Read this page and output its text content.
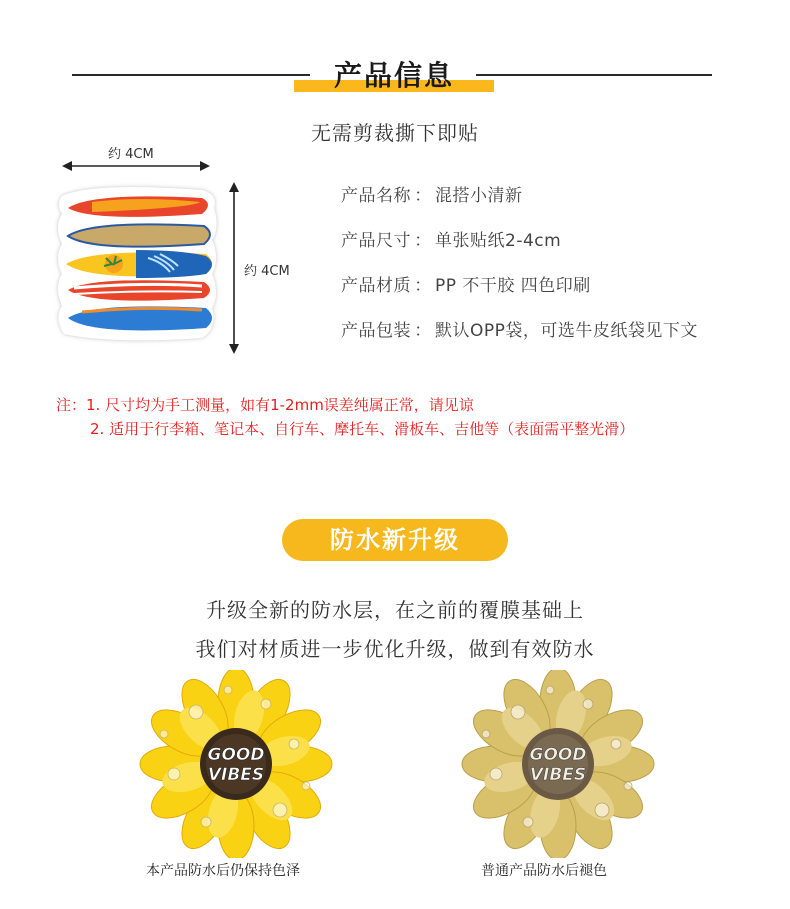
产品信息
无需剪裁撕下即贴
约 4CM
约 4CM
产品名称 ： 混搭小清新
产品尺寸 ： 单张贴纸2-4cm
产品材质 ： PP 不干胶 四色印刷
产品包装 ： 默认OPP袋，可选牛皮纸袋见下文
注：1. 尺寸均为手工测量，如有1-2mm误差纯属正常，请见谅
2. 适用于行李箱、笔记本、自行车、摩托车、滑板车、吉他等（表面需平整光滑）
防水新升级
升级全新的防水层，在之前的覆膜基础上
我们对材质进一步优化升级，做到有效防水
GOOD
VIBES
GOOD
VIBES
本产品防水后仍保持色泽	普通产品防水后褪色
